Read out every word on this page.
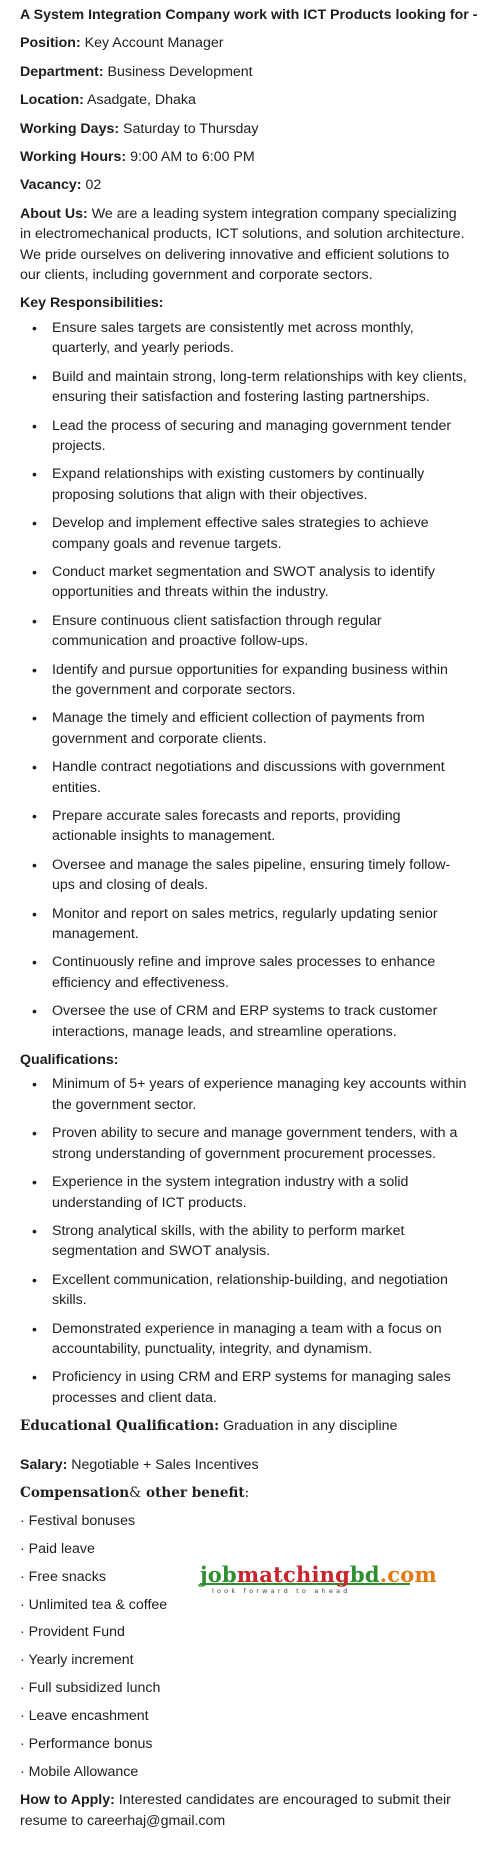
A System Integration Company work with ICT Products looking for -
Position: Key Account Manager
Department: Business Development
Location: Asadgate, Dhaka
Working Days: Saturday to Thursday
Working Hours: 9:00 AM to 6:00 PM
Vacancy: 02
About Us: We are a leading system integration company specializing in electromechanical products, ICT solutions, and solution architecture. We pride ourselves on delivering innovative and efficient solutions to our clients, including government and corporate sectors.
Key Responsibilities:
• Ensure sales targets are consistently met across monthly, quarterly, and yearly periods.
• Build and maintain strong, long-term relationships with key clients, ensuring their satisfaction and fostering lasting partnerships.
• Lead the process of securing and managing government tender projects.
• Expand relationships with existing customers by continually proposing solutions that align with their objectives.
• Develop and implement effective sales strategies to achieve company goals and revenue targets.
• Conduct market segmentation and SWOT analysis to identify opportunities and threats within the industry.
• Ensure continuous client satisfaction through regular communication and proactive follow-ups.
• Identify and pursue opportunities for expanding business within the government and corporate sectors.
• Manage the timely and efficient collection of payments from government and corporate clients.
• Handle contract negotiations and discussions with government entities.
• Prepare accurate sales forecasts and reports, providing actionable insights to management.
• Oversee and manage the sales pipeline, ensuring timely follow-ups and closing of deals.
• Monitor and report on sales metrics, regularly updating senior management.
• Continuously refine and improve sales processes to enhance efficiency and effectiveness.
• Oversee the use of CRM and ERP systems to track customer interactions, manage leads, and streamline operations.
Qualifications:
• Minimum of 5+ years of experience managing key accounts within the government sector.
• Proven ability to secure and manage government tenders, with a strong understanding of government procurement processes.
• Experience in the system integration industry with a solid understanding of ICT products.
• Strong analytical skills, with the ability to perform market segmentation and SWOT analysis.
• Excellent communication, relationship-building, and negotiation skills.
• Demonstrated experience in managing a team with a focus on accountability, punctuality, integrity, and dynamism.
• Proficiency in using CRM and ERP systems for managing sales processes and client data.
Educational Qualification: Graduation in any discipline
Salary: Negotiable + Sales Incentives
Compensation& other benefit:
· Festival bonuses
· Paid leave
· Free snacks
· Unlimited tea & coffee
· Provident Fund
· Yearly increment
· Full subsidized lunch
· Leave encashment
· Performance bonus
· Mobile Allowance
How to Apply: Interested candidates are encouraged to submit their resume to careerhaj@gmail.com
jobmatchingbd.com
look forward to ahead
